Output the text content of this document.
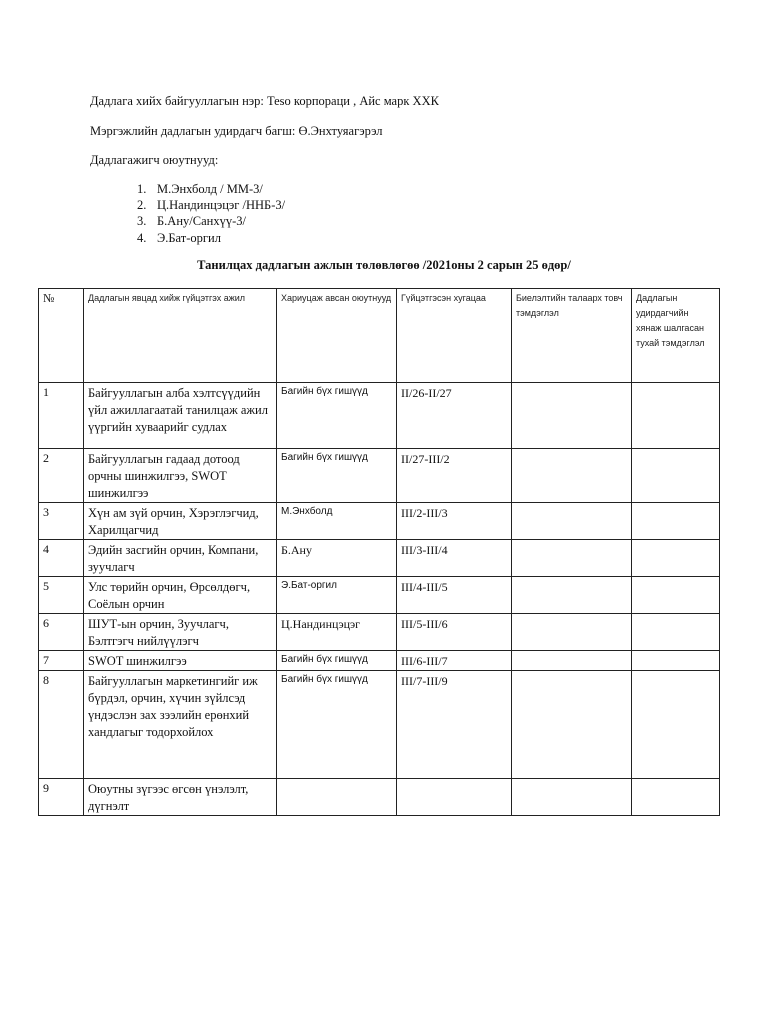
Дадлага хийх байгууллагын нэр: Теsо корпораци , Айс марк ХХК
Мэргэжлийн дадлагын удирдагч багш: Ө.Энхтуяагэрэл
Дадлагажигч оюутнууд:
1. М.Энхболд / ММ-3/
2. Ц.Нандинцэцэг /ННБ-3/
3. Б.Ану/Санхүү-3/
4. Э.Бат-оргил
Танилцах дадлагын ажлын төлөвлөгөө /2021оны 2 сарын 25 өдөр/
№	Дадлагын явцад хийж гүйцэтгэх ажил	Хариуцаж авсан оюутнууд	Гүйцэтгэсэн хугацаа	Биелэлтийн талаарх товч тэмдэглэл	Дадлагын удирдагчийн хянаж шалгасан тухай тэмдэглэл
1	Байгууллагын алба хэлтсүүдийн үйл ажиллагаатай танилцаж ажил үүргийн хуваарийг судлах	Багийн бүх гишүүд	II/26-II/27		
2	Байгууллагын гадаад дотоод орчны шинжилгээ, SWOT шинжилгээ	Багийн бүх гишүүд	II/27-III/2		
3	Хүн ам зүй орчин, Хэрэглэгчид, Харилцагчид	М.Энхболд	III/2-III/3		
4	Эдийн засгийн орчин, Компани, зуучлагч	Б.Ану	III/3-III/4		
5	Улс төрийн орчин, Өрсөлдөгч, Соёлын орчин	Э.Бат-оргил	III/4-III/5		
6	ШУТ-ын орчин, Зуучлагч, Бэлтгэгч нийлүүлэгч	Ц.Нандинцэцэг	III/5-III/6		
7	SWOT шинжилгээ	Багийн бүх гишүүд	III/6-III/7		
8	Байгууллагын маркетингийг иж бүрдэл, орчин, хүчин зүйлсэд үндэслэн зах зээлийн ерөнхий хандлагыг тодорхойлох	Багийн бүх гишүүд	III/7-III/9		
9	Оюутны зүгээс өгсөн үнэлэлт, дүгнэлт				
